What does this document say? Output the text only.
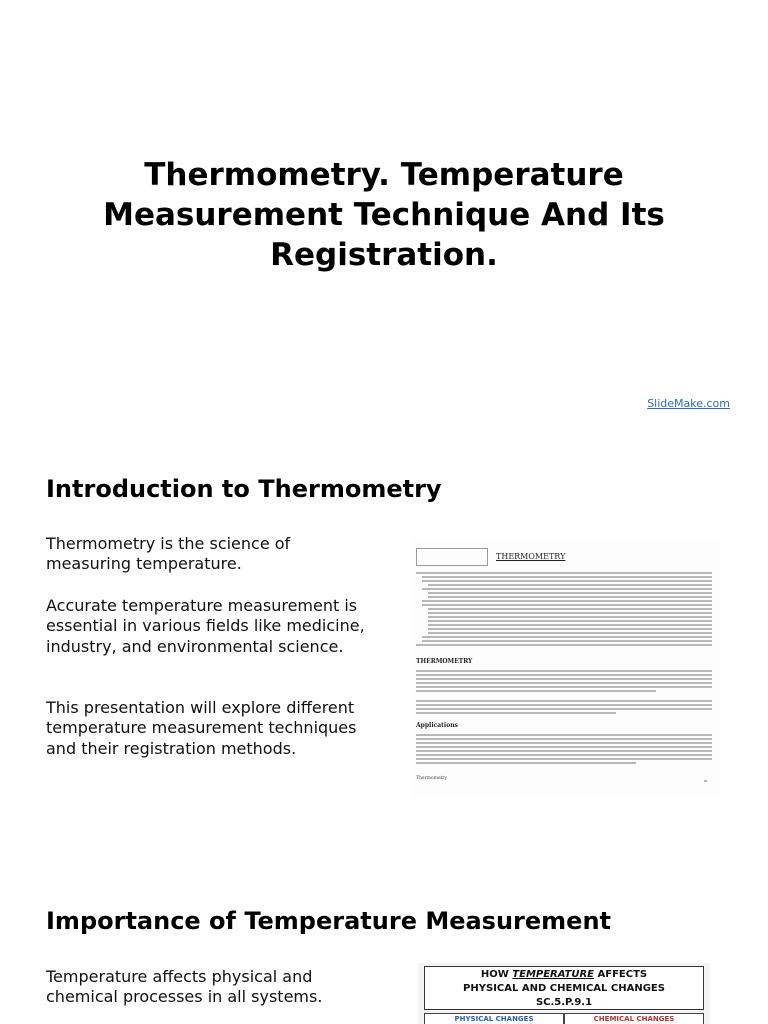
Thermometry. Temperature Measurement Technique And Its Registration.
SlideMake.com
Introduction to Thermometry
Thermometry is the science of measuring temperature.
Accurate temperature measurement is essential in various fields like medicine, industry, and environmental science.
This presentation will explore different temperature measurement techniques and their registration methods.
THERMOMETRY
THERMOMETRY
Applications
Thermometry
Importance of Temperature Measurement
Temperature affects physical and chemical processes in all systems.
HOW TEMPERATURE AFFECTS
PHYSICAL AND CHEMICAL CHANGES
SC.5.P.9.1
PHYSICAL CHANGES	CHEMICAL CHANGES
